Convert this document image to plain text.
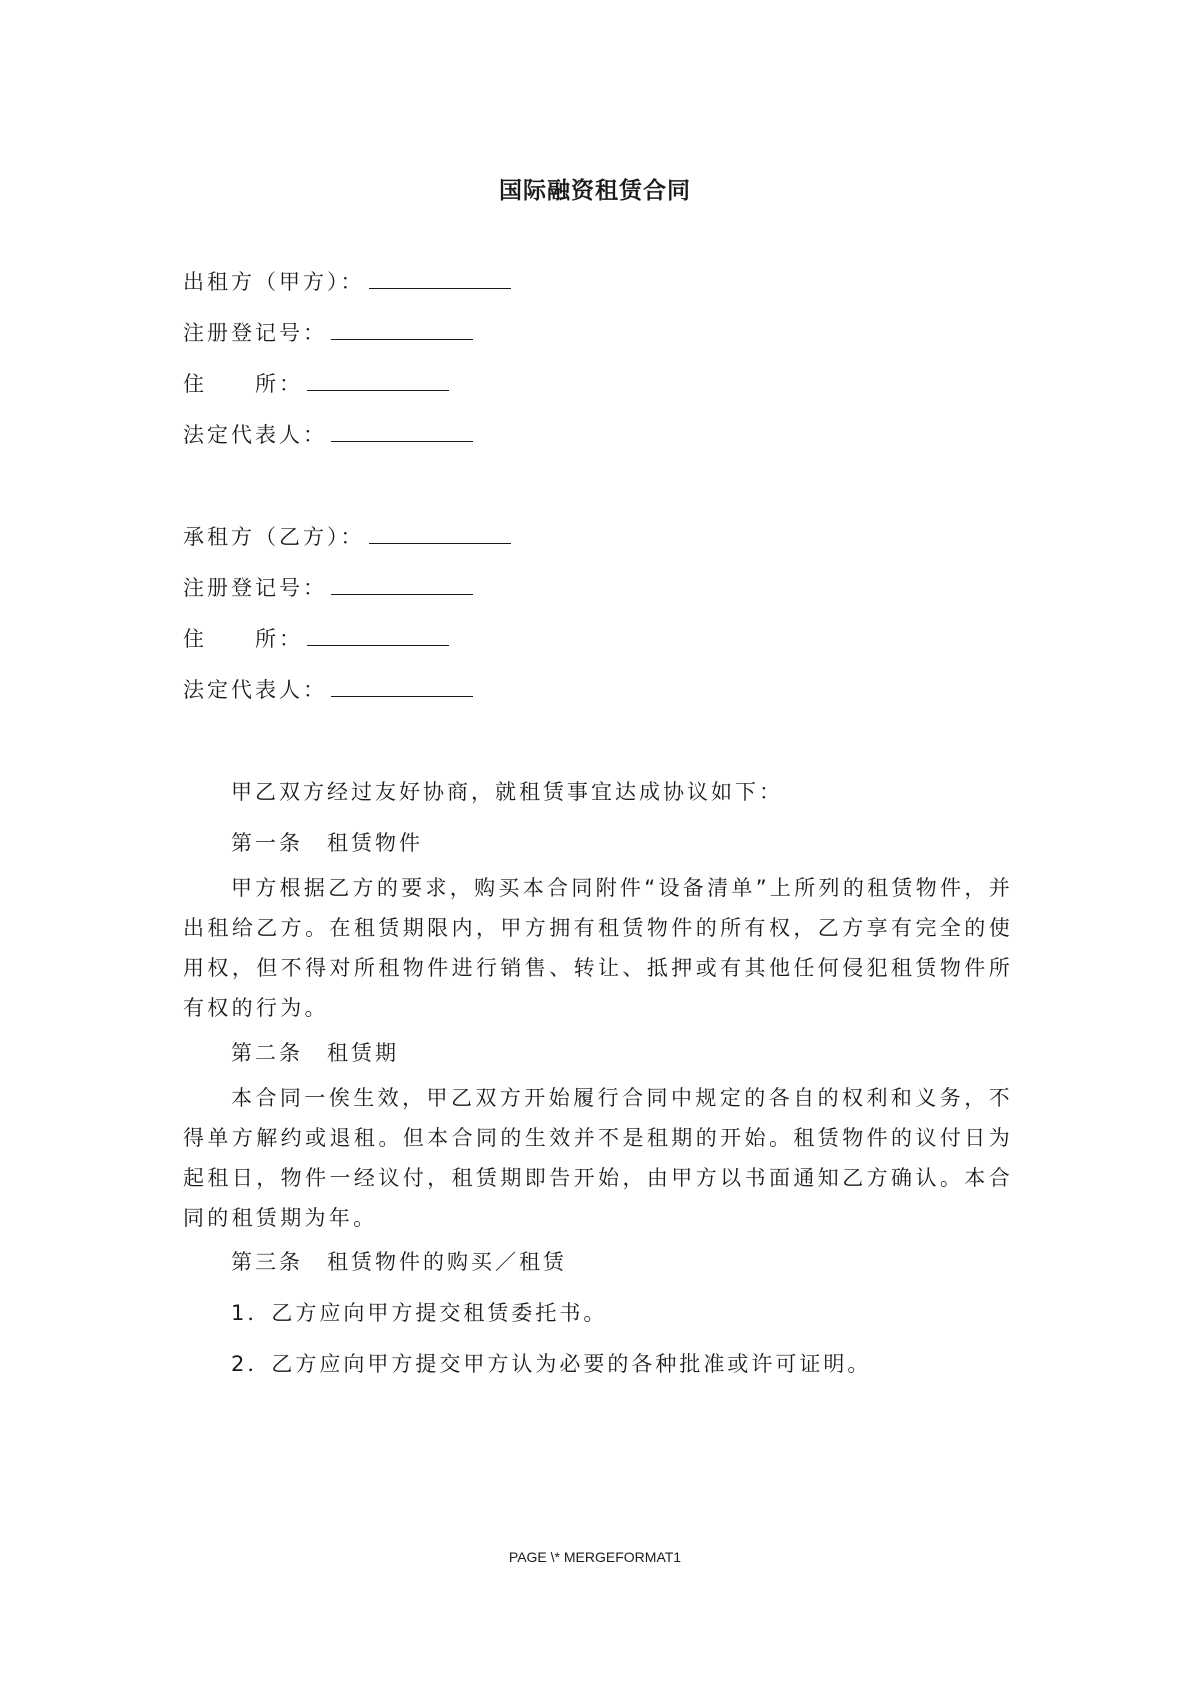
国际融资租赁合同
出租方（甲方）：
注册登记号：
住　　所：
法定代表人：
承租方（乙方）：
注册登记号：
住　　所：
法定代表人：
甲乙双方经过友好协商，就租赁事宜达成协议如下：
第一条　租赁物件
甲方根据乙方的要求，购买本合同附件“设备清单”上所列的租赁物件，并出租给乙方。在租赁期限内，甲方拥有租赁物件的所有权，乙方享有完全的使用权，但不得对所租物件进行销售、转让、抵押或有其他任何侵犯租赁物件所有权的行为。
第二条　租赁期
本合同一俟生效，甲乙双方开始履行合同中规定的各自的权利和义务，不得单方解约或退租。但本合同的生效并不是租期的开始。租赁物件的议付日为起租日，物件一经议付，租赁期即告开始，由甲方以书面通知乙方确认。本合同的租赁期为年。
第三条　租赁物件的购买／租赁
1．乙方应向甲方提交租赁委托书。
2．乙方应向甲方提交甲方认为必要的各种批准或许可证明。
PAGE \* MERGEFORMAT1
